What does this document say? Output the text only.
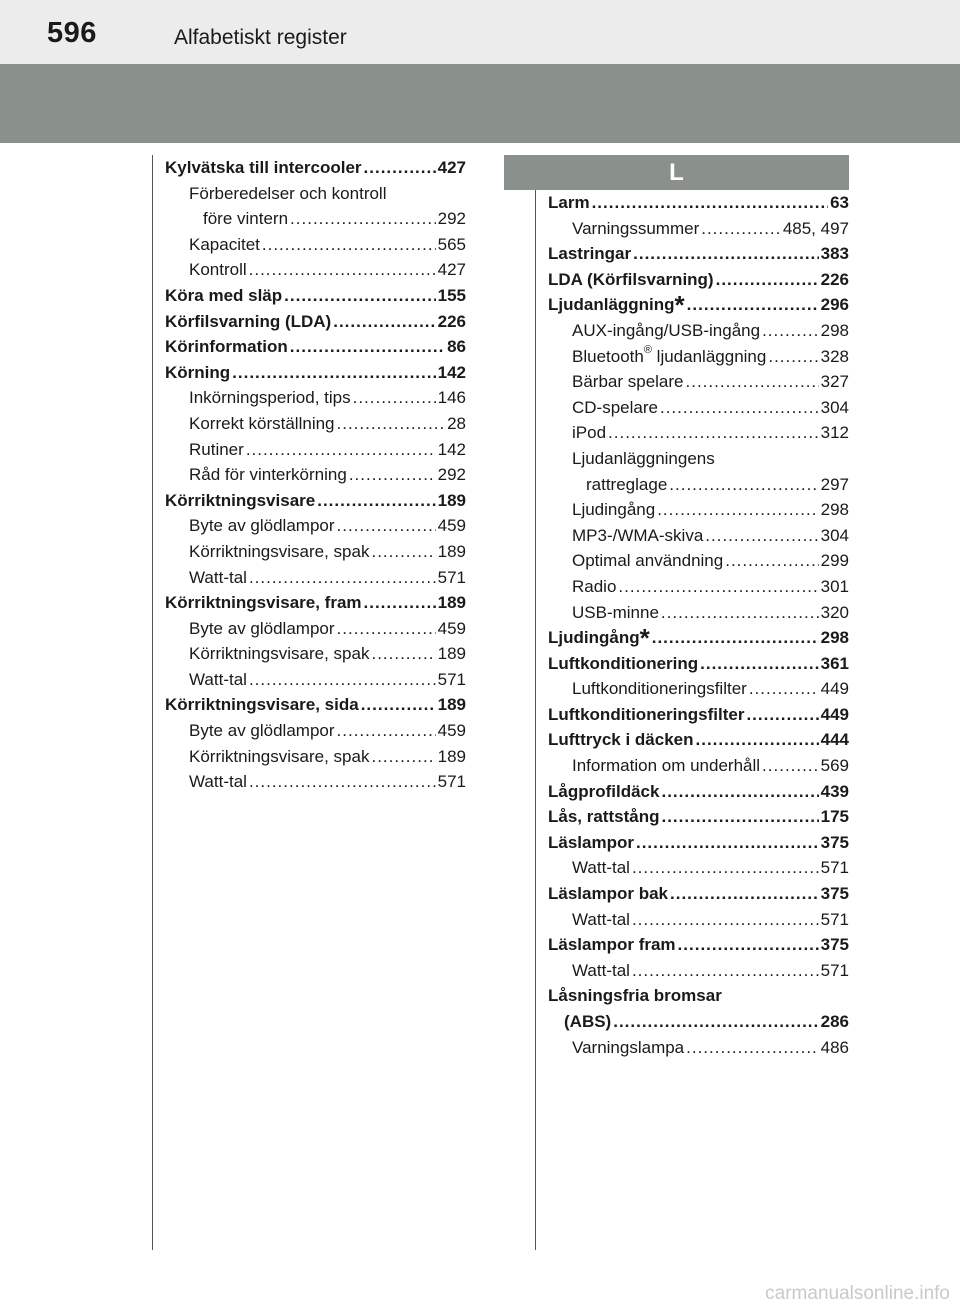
596	Alfabetiskt register
L
Kylvätska till intercooler .....	427
Förberedelser och kontroll
före vintern .....	292
Kapacitet .....	565
Kontroll .....	427
Köra med släp .....	155
Körfilsvarning (LDA) .....	226
Körinformation .....	86
Körning .....	142
Inkörningsperiod, tips .....	146
Korrekt körställning .....	28
Rutiner .....	142
Råd för vinterkörning .....	292
Körriktningsvisare .....	189
Byte av glödlampor .....	459
Körriktningsvisare, spak .....	189
Watt-tal .....	571
Körriktningsvisare, fram .....	189
Byte av glödlampor .....	459
Körriktningsvisare, spak .....	189
Watt-tal .....	571
Körriktningsvisare, sida .....	189
Byte av glödlampor .....	459
Körriktningsvisare, spak .....	189
Watt-tal .....	571
Larm .....	63
Varningssummer .....	485, 497
Lastringar .....	383
LDA (Körfilsvarning) .....	226
Ljudanläggning* .....	296
AUX-ingång/USB-ingång .....	298
Bluetooth® ljudanläggning .....	328
Bärbar spelare .....	327
CD-spelare .....	304
iPod .....	312
Ljudanläggningens
rattreglage .....	297
Ljudingång .....	298
MP3-/WMA-skiva .....	304
Optimal användning .....	299
Radio .....	301
USB-minne .....	320
Ljudingång* .....	298
Luftkonditionering .....	361
Luftkonditioneringsfilter .....	449
Luftkonditioneringsfilter .....	449
Lufttryck i däcken .....	444
Information om underhåll .....	569
Lågprofildäck .....	439
Lås, rattstång .....	175
Läslampor .....	375
Watt-tal .....	571
Läslampor bak .....	375
Watt-tal .....	571
Läslampor fram .....	375
Watt-tal .....	571
Låsningsfria bromsar
(ABS) .....	286
Varningslampa .....	486
carmanualsonline.info
